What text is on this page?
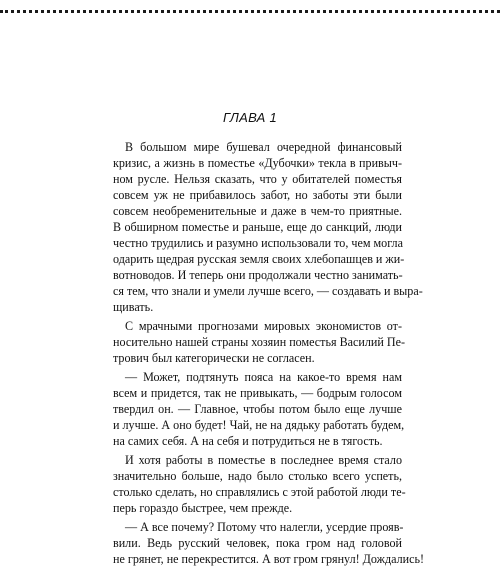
ГЛАВА 1
В большом мире бушевал очередной финансовый
кризис, а жизнь в поместье «Дубочки» текла в привыч-
ном русле. Нельзя сказать, что у обитателей поместья
совсем уж не прибавилось забот, но заботы эти были
совсем необременительные и даже в чем-то приятные.
В обширном поместье и раньше, еще до санкций, люди
честно трудились и разумно использовали то, чем могла
одарить щедрая русская земля своих хлебопашцев и жи-
вотноводов. И теперь они продолжали честно занимать-
ся тем, что знали и умели лучше всего, — создавать и выра-
щивать.
С мрачными прогнозами мировых экономистов от-
носительно нашей страны хозяин поместья Василий Пе-
трович был категорически не согласен.
— Может, подтянуть пояса на какое-то время нам
всем и придется, так не привыкать, — бодрым голосом
твердил он. — Главное, чтобы потом было еще лучше
и лучше. А оно будет! Чай, не на дядьку работать будем,
на самих себя. А на себя и потрудиться не в тягость.
И хотя работы в поместье в последнее время стало
значительно больше, надо было столько всего успеть,
столько сделать, но справлялись с этой работой люди те-
перь гораздо быстрее, чем прежде.
— А все почему? Потому что налегли, усердие прояв-
вили. Ведь русский человек, пока гром над головой
не грянет, не перекрестится. А вот гром грянул! Дождались!
